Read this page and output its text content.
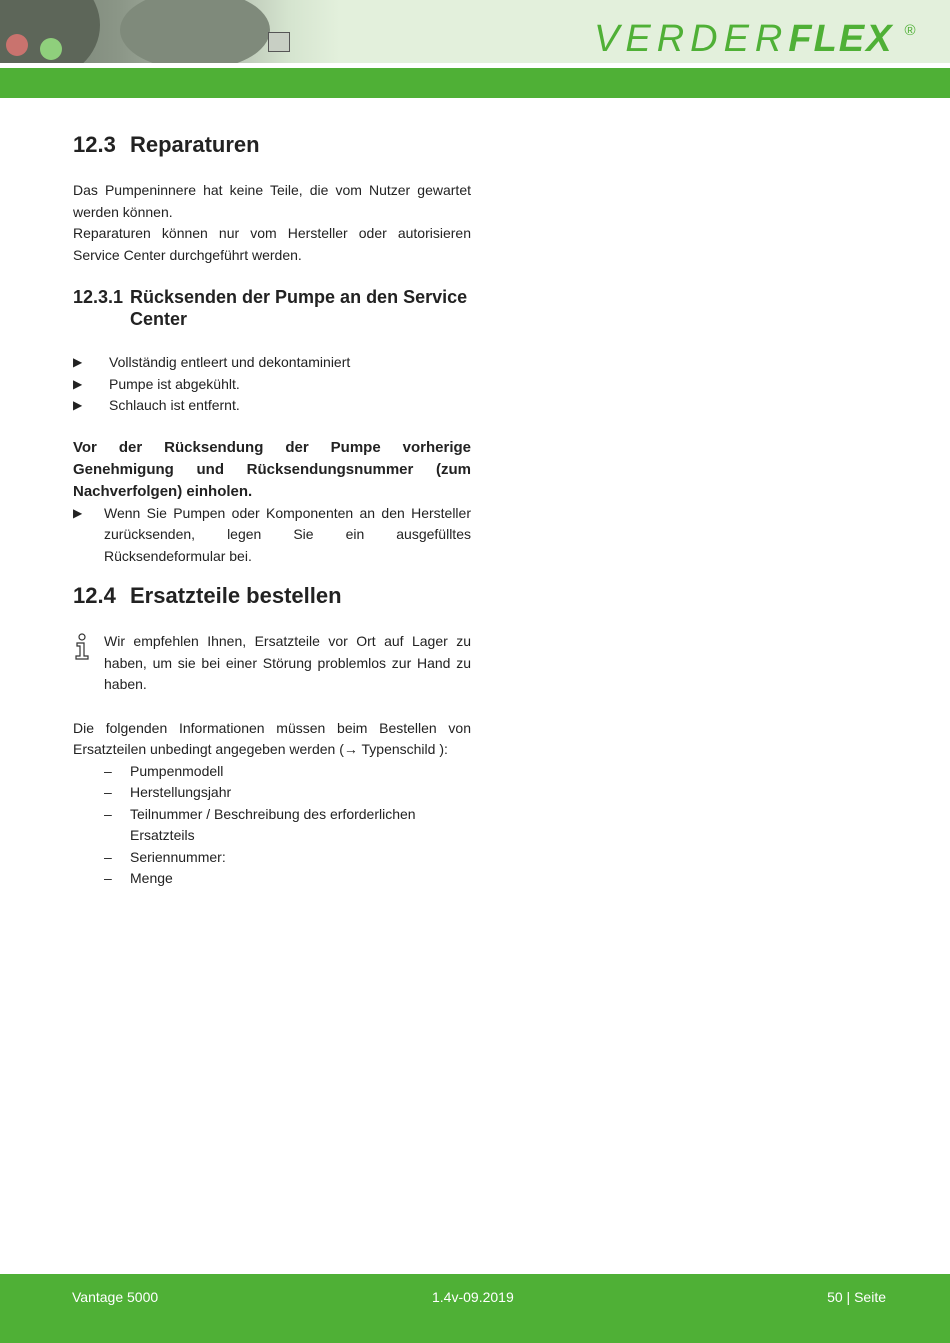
VERDERFLEX ®
12.3 Reparaturen

Das Pumpeninnere hat keine Teile, die vom Nutzer gewartet werden können.

Reparaturen können nur vom Hersteller oder autorisieren Service Center durchgeführt werden.

12.3.1 Rücksenden der Pumpe an den Service Center
▶	Vollständig entleert und dekontaminiert
▶	Pumpe ist abgekühlt.
▶	Schlauch ist entfernt.

Vor der Rücksendung der Pumpe vorherige Genehmigung und Rücksendungsnummer (zum Nachverfolgen) einholen.

▶	Wenn Sie Pumpen oder Komponenten an den Hersteller zurücksenden, legen Sie ein ausgefülltes Rücksendeformular bei.
12.4 Ersatzteile bestellen

Wir empfehlen Ihnen, Ersatzteile vor Ort auf Lager zu haben, um sie bei einer Störung problemlos zur Hand zu haben.

Die folgenden Informationen müssen beim Bestellen von Ersatzteilen unbedingt angegeben werden (→ Typenschild ):

–	Pumpenmodell
–	Herstellungsjahr
–	Teilnummer / Beschreibung des erforderlichen Ersatzteils
–	Seriennummer:
–	Menge
Vantage 5000	1.4v-09.2019	50 | Seite
